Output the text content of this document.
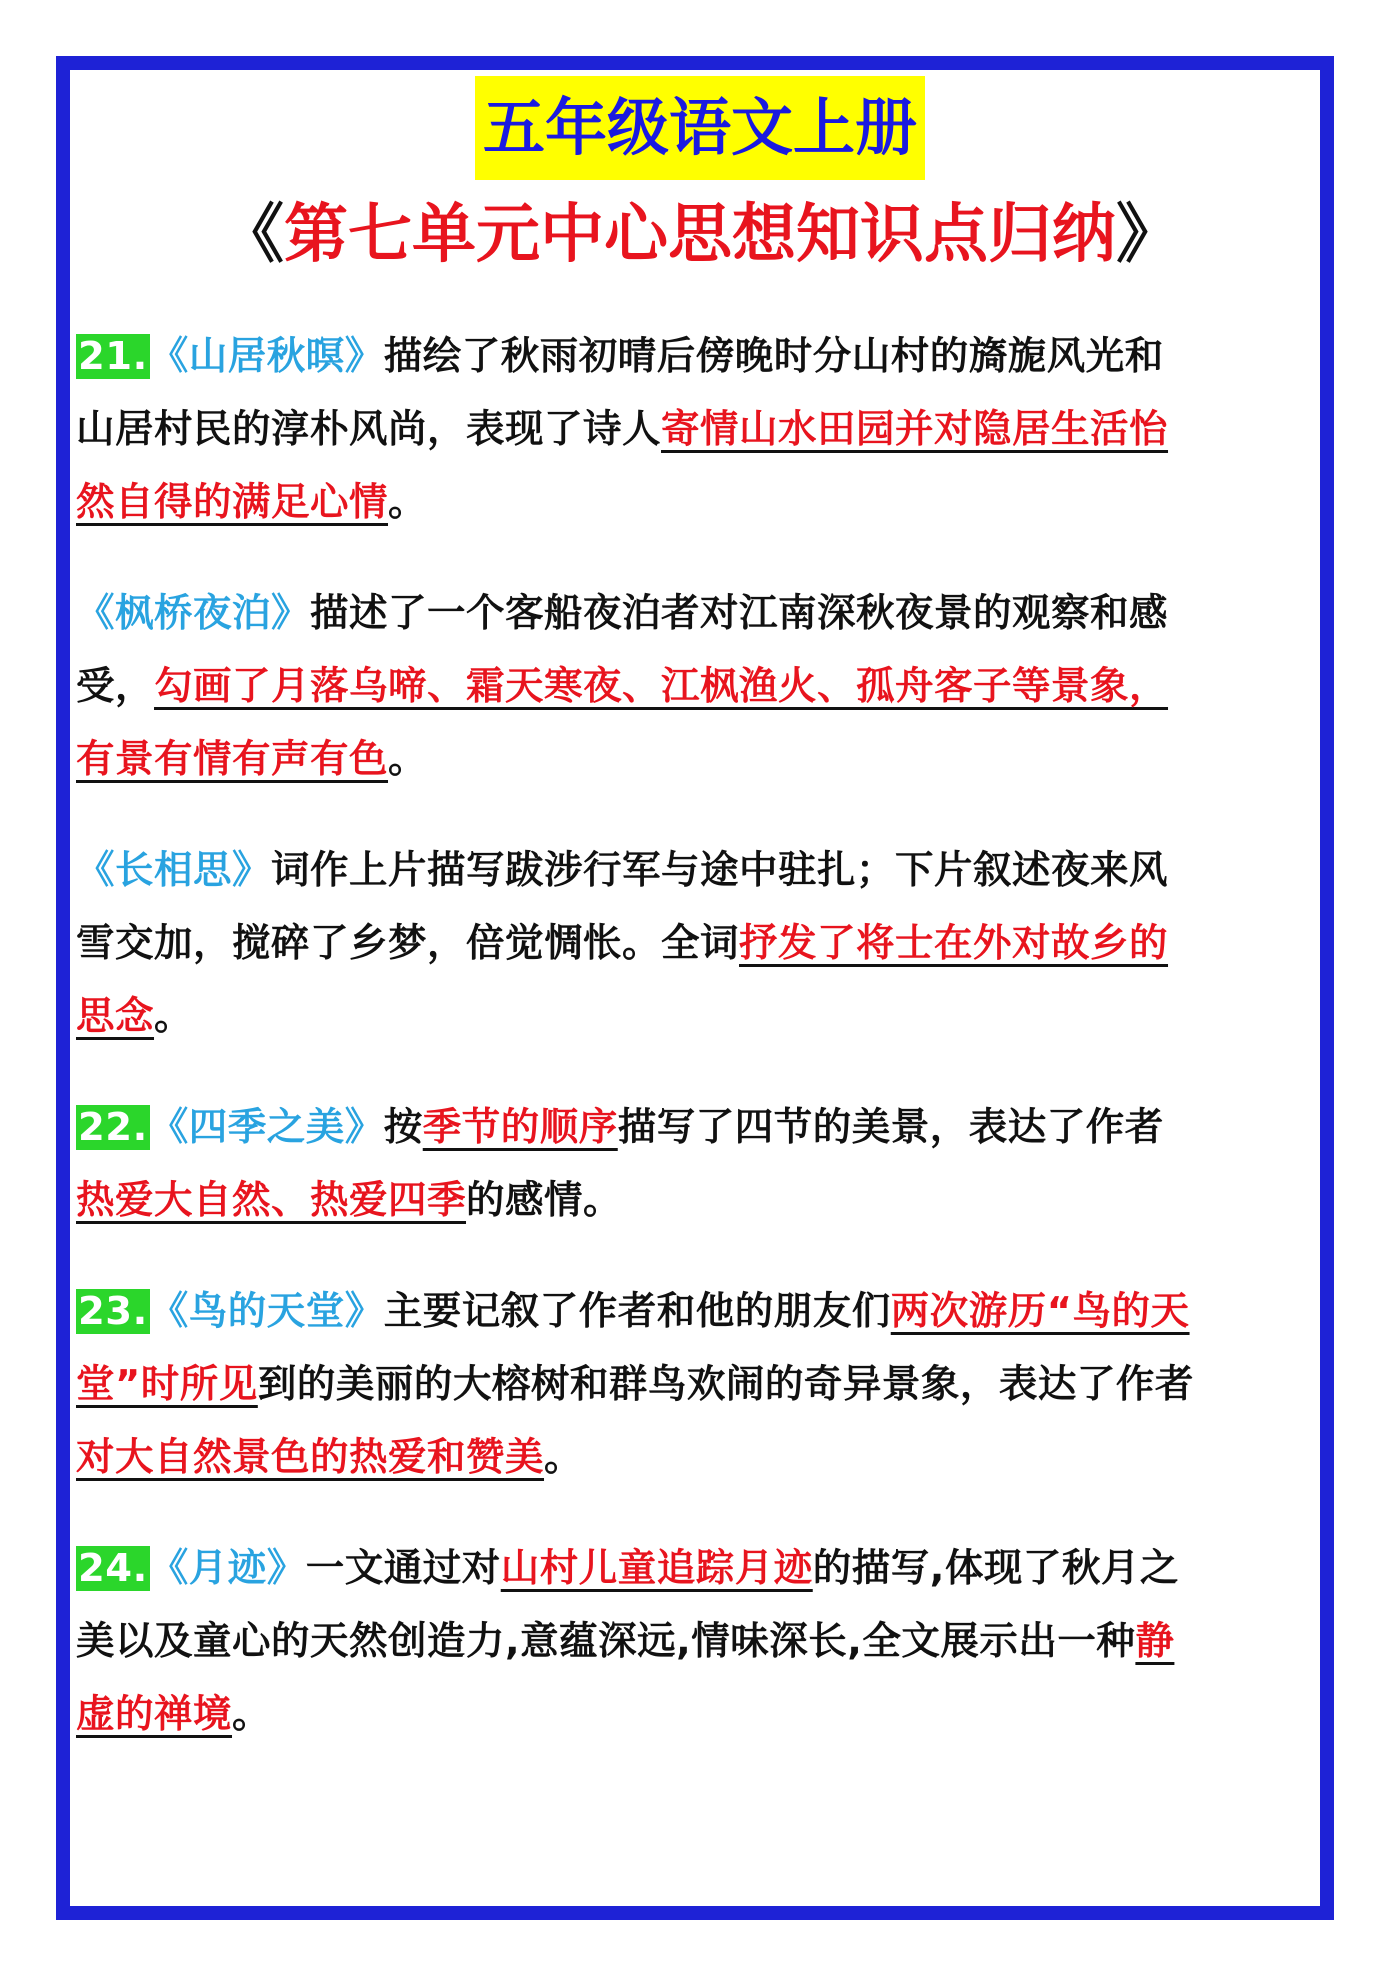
五年级语文上册
《第七单元中心思想知识点归纳》

21.《山居秋暝》描绘了秋雨初晴后傍晚时分山村的旖旎风光和山居村民的淳朴风尚，表现了诗人寄情山水田园并对隐居生活怡然自得的满足心情。

《枫桥夜泊》描述了一个客船夜泊者对江南深秋夜景的观察和感受，勾画了月落乌啼、霜天寒夜、江枫渔火、孤舟客子等景象，有景有情有声有色。

《长相思》词作上片描写跋涉行军与途中驻扎；下片叙述夜来风雪交加，搅碎了乡梦，倍觉惆怅。全词抒发了将士在外对故乡的思念。

22.《四季之美》按季节的顺序描写了四节的美景，表达了作者热爱大自然、热爱四季的感情。

23.《鸟的天堂》主要记叙了作者和他的朋友们两次游历“鸟的天堂”时所见到的美丽的大榕树和群鸟欢闹的奇异景象，表达了作者对大自然景色的热爱和赞美。

24.《月迹》一文通过对山村儿童追踪月迹的描写,体现了秋月之美以及童心的天然创造力,意蕴深远,情味深长,全文展示出一种静虚的禅境。
